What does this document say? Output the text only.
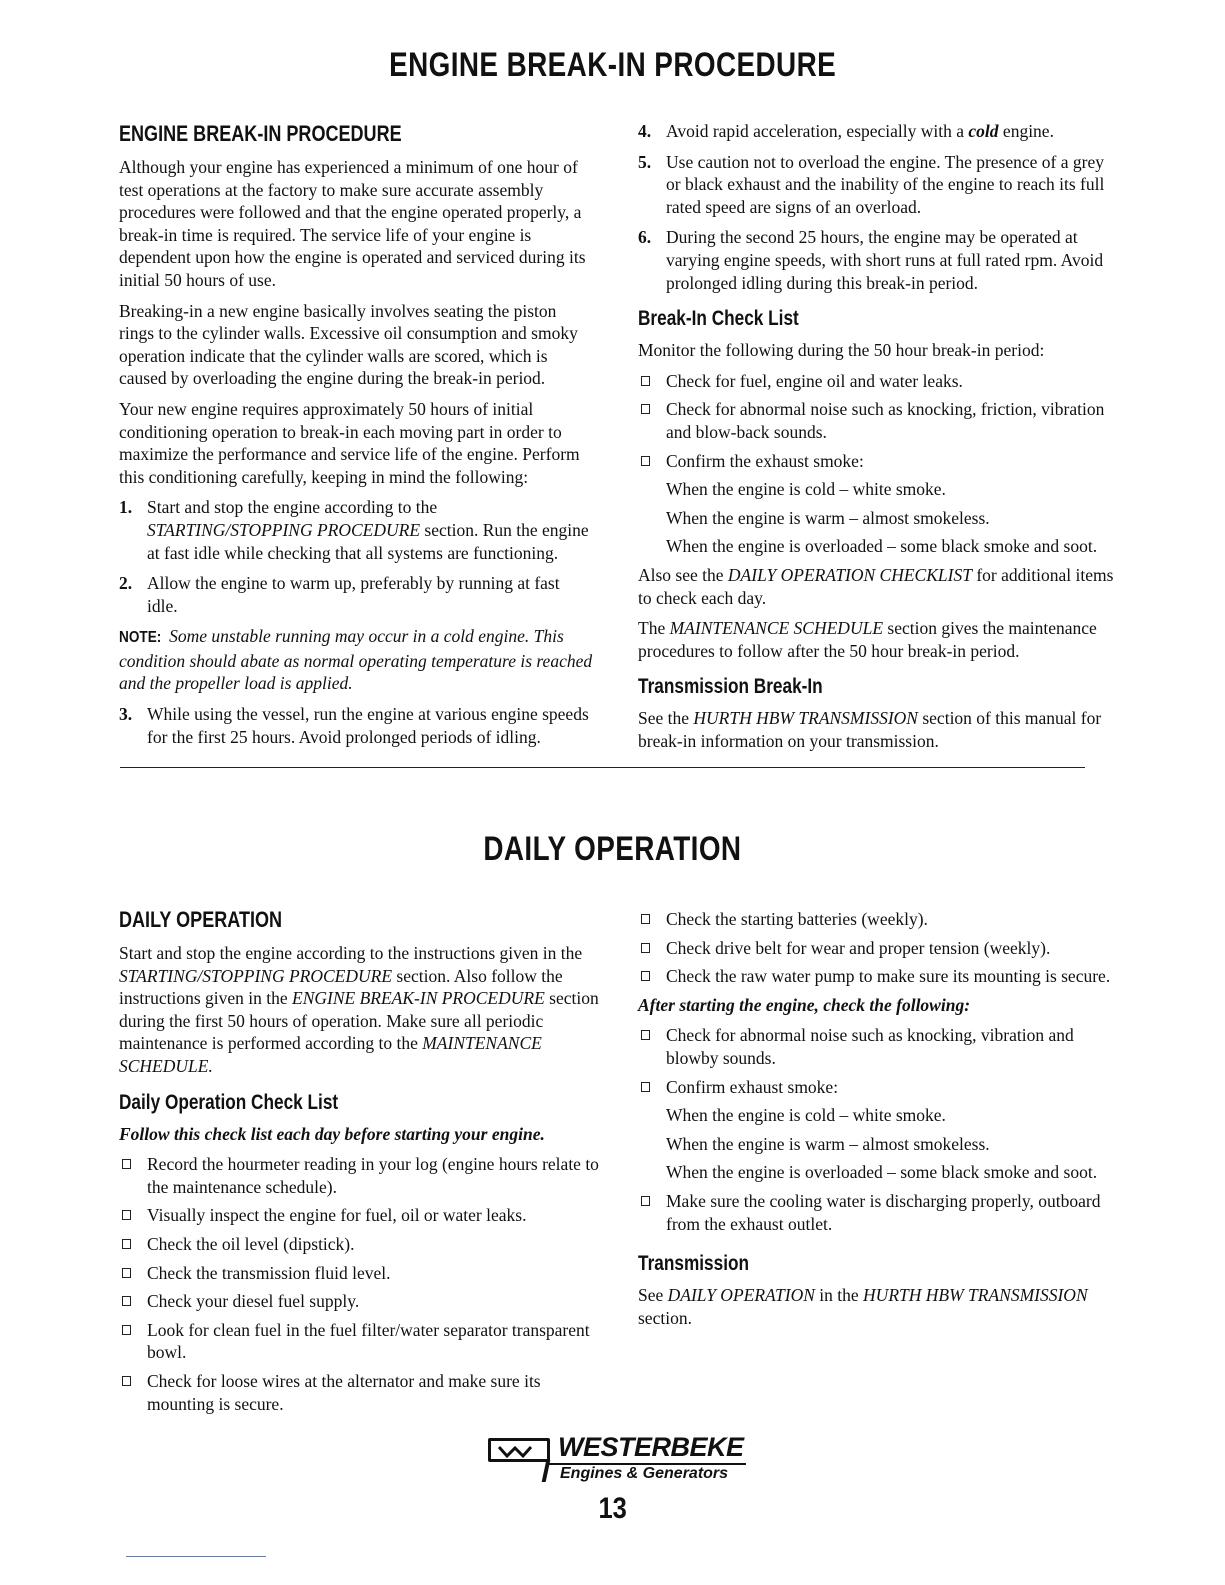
ENGINE BREAK-IN PROCEDURE
ENGINE BREAK-IN PROCEDURE

Although your engine has experienced a minimum of one hour of test operations at the factory to make sure accurate assembly procedures were followed and that the engine operated properly, a break-in time is required. The service life of your engine is dependent upon how the engine is operated and serviced during its initial 50 hours of use.

Breaking-in a new engine basically involves seating the piston rings to the cylinder walls. Excessive oil consumption and smoky operation indicate that the cylinder walls are scored, which is caused by overloading the engine during the break-in period.

Your new engine requires approximately 50 hours of initial conditioning operation to break-in each moving part in order to maximize the performance and service life of the engine. Perform this conditioning carefully, keeping in mind the following:

1. Start and stop the engine according to the STARTING/STOPPING PROCEDURE section. Run the engine at fast idle while checking that all systems are functioning.
2. Allow the engine to warm up, preferably by running at fast idle.

NOTE: Some unstable running may occur in a cold engine. This condition should abate as normal operating temperature is reached and the propeller load is applied.

3. While using the vessel, run the engine at various engine speeds for the first 25 hours. Avoid prolonged periods of idling.
4. Avoid rapid acceleration, especially with a cold engine.
5. Use caution not to overload the engine. The presence of a grey or black exhaust and the inability of the engine to reach its full rated speed are signs of an overload.
6. During the second 25 hours, the engine may be operated at varying engine speeds, with short runs at full rated rpm. Avoid prolonged idling during this break-in period.
Break-In Check List

Monitor the following during the 50 hour break-in period:

Check for fuel, engine oil and water leaks.
Check for abnormal noise such as knocking, friction, vibration and blow-back sounds.
Confirm the exhaust smoke:
When the engine is cold – white smoke.
When the engine is warm – almost smokeless.
When the engine is overloaded – some black smoke and soot.

Also see the DAILY OPERATION CHECKLIST for additional items to check each day.

The MAINTENANCE SCHEDULE section gives the maintenance procedures to follow after the 50 hour break-in period.

Transmission Break-In

See the HURTH HBW TRANSMISSION section of this manual for break-in information on your transmission.

DAILY OPERATION
DAILY OPERATION

Start and stop the engine according to the instructions given in the STARTING/STOPPING PROCEDURE section. Also follow the instructions given in the ENGINE BREAK-IN PROCEDURE section during the first 50 hours of operation. Make sure all periodic maintenance is performed according to the MAINTENANCE SCHEDULE.

Daily Operation Check List

Follow this check list each day before starting your engine.

Record the hourmeter reading in your log (engine hours relate to the maintenance schedule).
Visually inspect the engine for fuel, oil or water leaks.
Check the oil level (dipstick).
Check the transmission fluid level.
Check your diesel fuel supply.
Look for clean fuel in the fuel filter/water separator transparent bowl.
Check for loose wires at the alternator and make sure its mounting is secure.
Check the starting batteries (weekly).
Check drive belt for wear and proper tension (weekly).
Check the raw water pump to make sure its mounting is secure.

After starting the engine, check the following:

Check for abnormal noise such as knocking, vibration and blowby sounds.
Confirm exhaust smoke:
When the engine is cold – white smoke.
When the engine is warm – almost smokeless.
When the engine is overloaded – some black smoke and soot.
Make sure the cooling water is discharging properly, outboard from the exhaust outlet.
Transmission

See DAILY OPERATION in the HURTH HBW TRANSMISSION section.

WESTERBEKE
Engines & Generators
13
